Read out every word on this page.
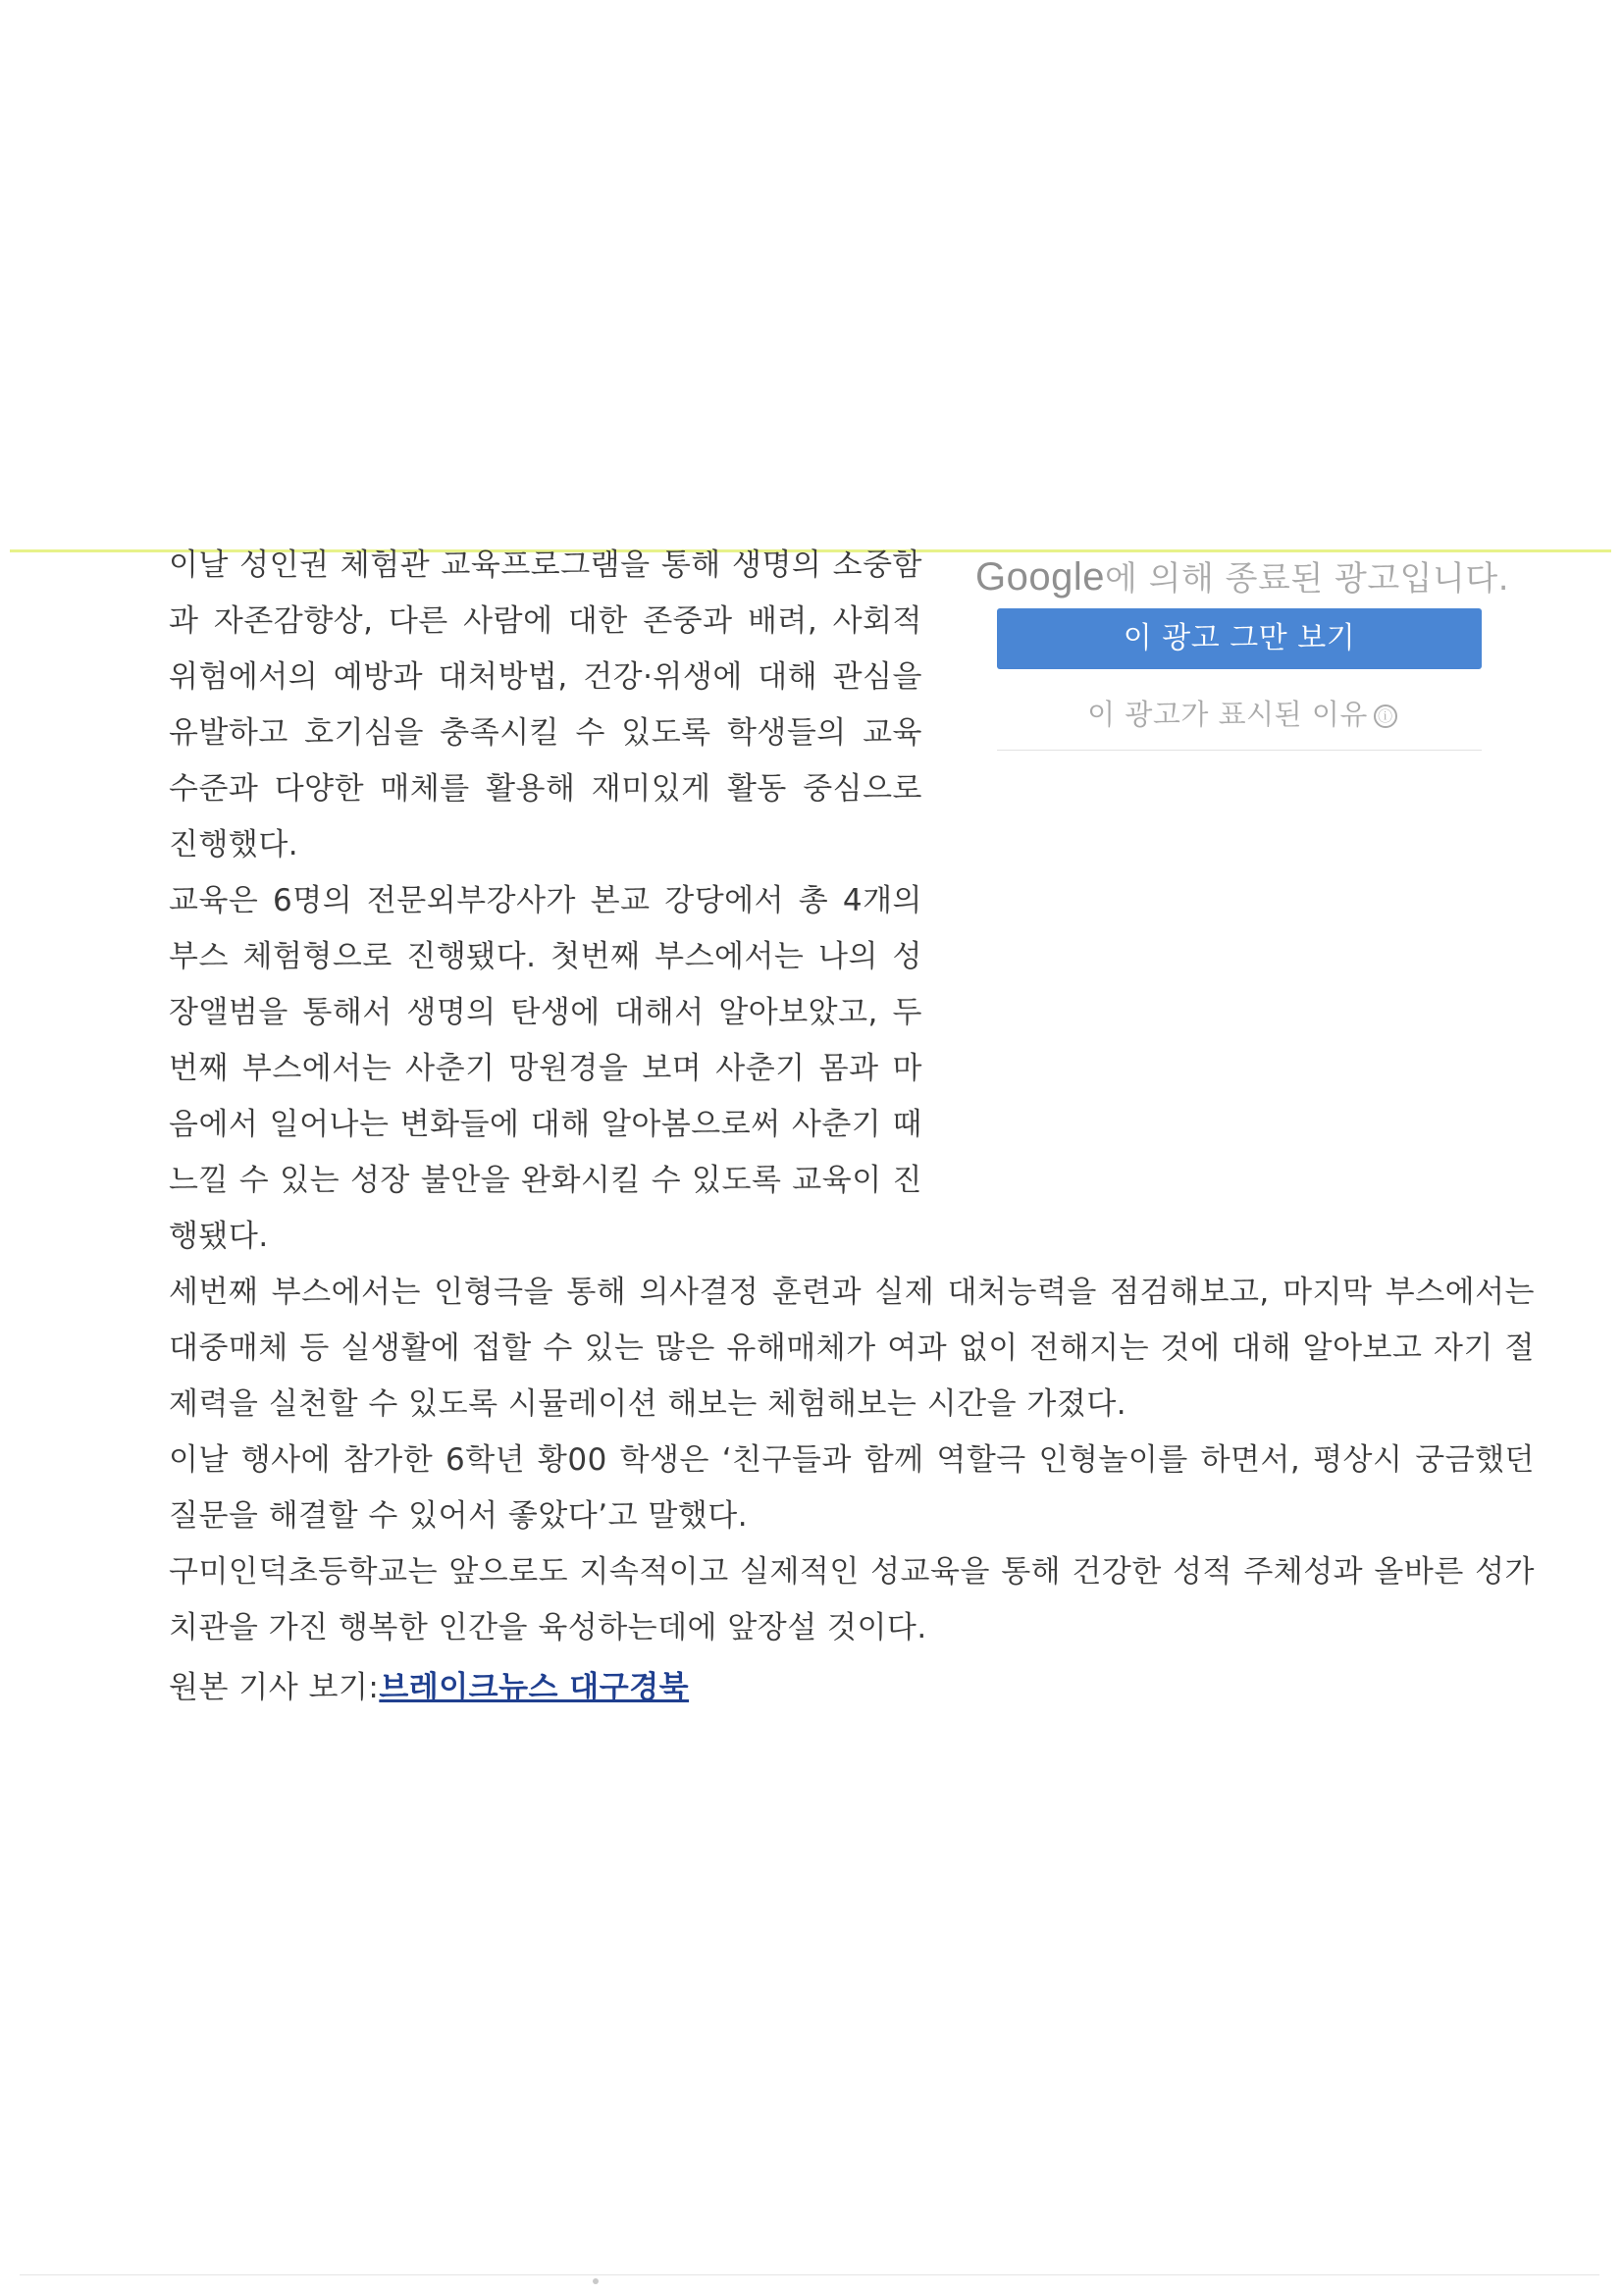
Google에 의해 종료된 광고입니다.
이 광고 그만 보기
이 광고가 표시된 이유 ⓘ

이날 성인권 체험관 교육프로그램을 통해 생명의 소중함과 자존감향상, 다른 사람에 대한 존중과 배려, 사회적 위험에서의 예방과 대처방법, 건강·위생에 대해 관심을 유발하고 호기심을 충족시킬 수 있도록 학생들의 교육 수준과 다양한 매체를 활용해 재미있게 활동 중심으로 진행했다.

교육은 6명의 전문외부강사가 본교 강당에서 총 4개의 부스 체험형으로 진행됐다. 첫번째 부스에서는 나의 성장앨범을 통해서 생명의 탄생에 대해서 알아보았고, 두번째 부스에서는 사춘기 망원경을 보며 사춘기 몸과 마음에서 일어나는 변화들에 대해 알아봄으로써 사춘기 때 느낄 수 있는 성장 불안을 완화시킬 수 있도록 교육이 진행됐다.

세번째 부스에서는 인형극을 통해 의사결정 훈련과 실제 대처능력을 점검해보고, 마지막 부스에서는 대중매체 등 실생활에 접할 수 있는 많은 유해매체가 여과 없이 전해지는 것에 대해 알아보고 자기 절제력을 실천할 수 있도록 시뮬레이션 해보는 체험해보는 시간을 가졌다.

이날 행사에 참가한 6학년 황00 학생은 ‘친구들과 함께 역할극 인형놀이를 하면서, 평상시 궁금했던 질문을 해결할 수 있어서 좋았다’고 말했다.

구미인덕초등학교는 앞으로도 지속적이고 실제적인 성교육을 통해 건강한 성적 주체성과 올바른 성가치관을 가진 행복한 인간을 육성하는데에 앞장설 것이다.

원본 기사 보기:브레이크뉴스 대구경북
